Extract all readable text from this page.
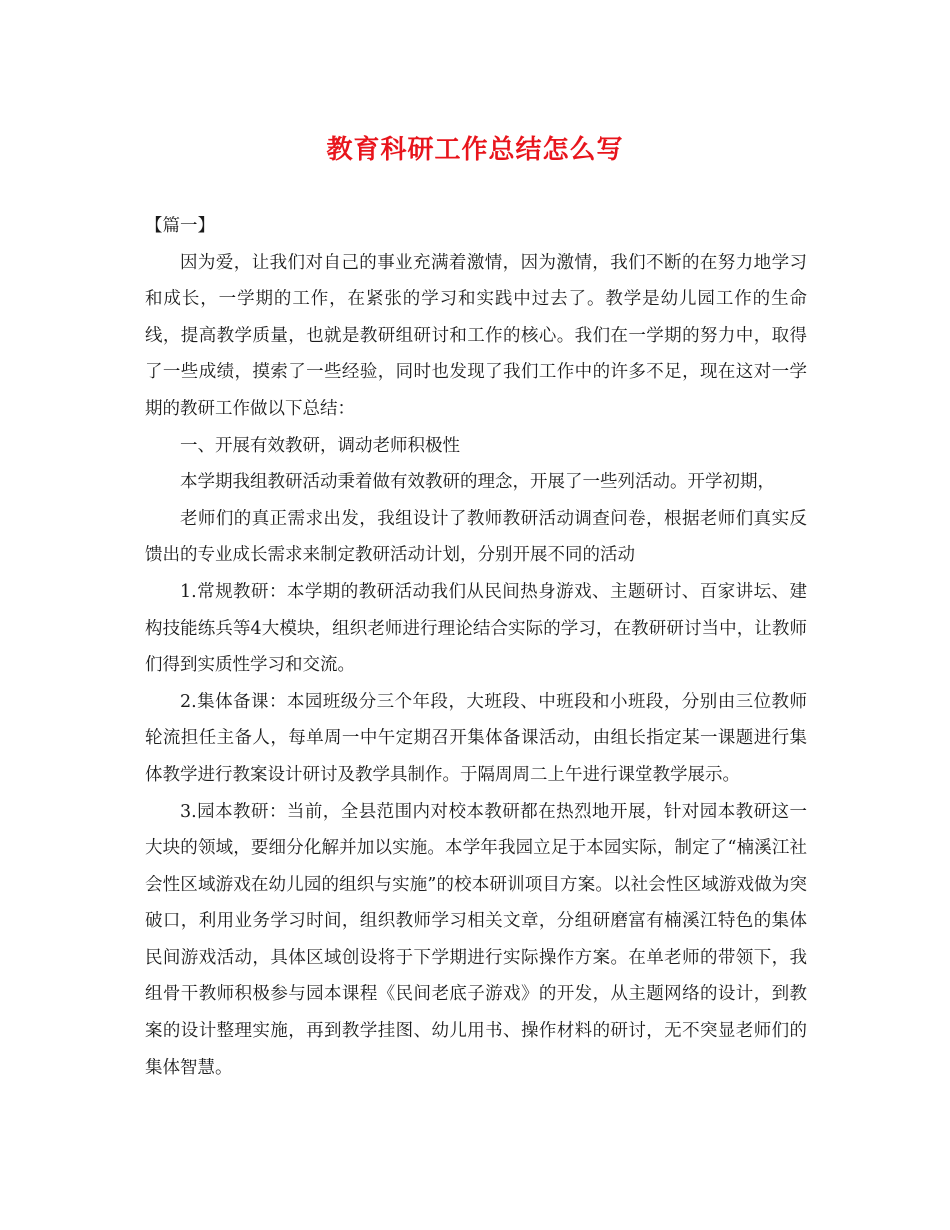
教育科研工作总结怎么写

【篇一】

因为爱，让我们对自己的事业充满着激情，因为激情，我们不断的在努力地学习和成长，一学期的工作，在紧张的学习和实践中过去了。教学是幼儿园工作的生命线，提高教学质量，也就是教研组研讨和工作的核心。我们在一学期的努力中，取得了一些成绩，摸索了一些经验，同时也发现了我们工作中的许多不足，现在这对一学期的教研工作做以下总结：

一、开展有效教研，调动老师积极性

本学期我组教研活动秉着做有效教研的理念，开展了一些列活动。开学初期，

老师们的真正需求出发，我组设计了教师教研活动调查问卷，根据老师们真实反馈出的专业成长需求来制定教研活动计划，分别开展不同的活动

1.常规教研：本学期的教研活动我们从民间热身游戏、主题研讨、百家讲坛、建构技能练兵等4大模块，组织老师进行理论结合实际的学习，在教研研讨当中，让教师们得到实质性学习和交流。

2.集体备课：本园班级分三个年段，大班段、中班段和小班段，分别由三位教师轮流担任主备人，每单周一中午定期召开集体备课活动，由组长指定某一课题进行集体教学进行教案设计研讨及教学具制作。于隔周周二上午进行课堂教学展示。

3.园本教研：当前，全县范围内对校本教研都在热烈地开展，针对园本教研这一大块的领域，要细分化解并加以实施。本学年我园立足于本园实际，制定了“楠溪江社会性区域游戏在幼儿园的组织与实施”的校本研训项目方案。以社会性区域游戏做为突破口，利用业务学习时间，组织教师学习相关文章，分组研磨富有楠溪江特色的集体民间游戏活动，具体区域创设将于下学期进行实际操作方案。在单老师的带领下，我组骨干教师积极参与园本课程《民间老底子游戏》的开发，从主题网络的设计，到教案的设计整理实施，再到教学挂图、幼儿用书、操作材料的研讨，无不突显老师们的集体智慧。
